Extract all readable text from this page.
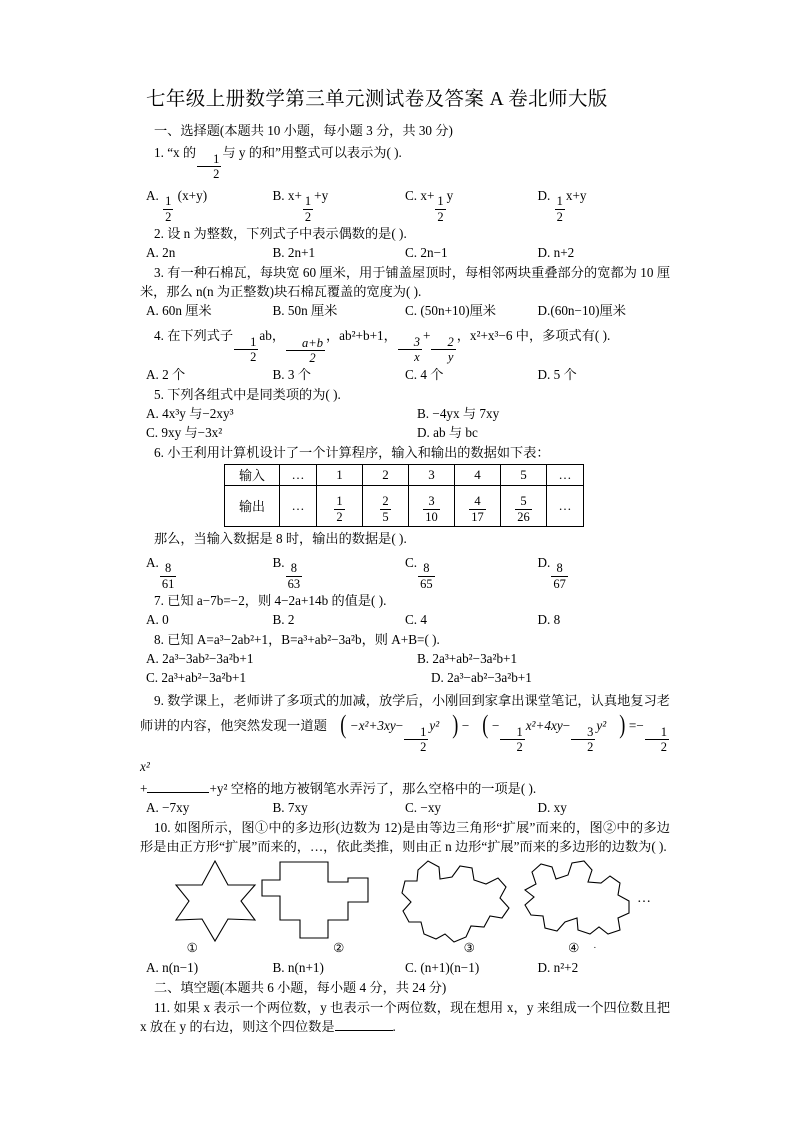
七年级上册数学第三单元测试卷及答案 A 卷北师大版

一、选择题(本题共 10 小题，每小题 3 分，共 30 分)

1. “x 的
$\frac{1}{2}$
与 y 的和”用整式可以表示为( ).

A.
$\frac{1}{2}$
(x+y)	B. x+
$\frac{1}{2}$
+y	C. x+
$\frac{1}{2}$
y	D.
$\frac{1}{2}$
x+y

2. 设 n 为整数，下列式子中表示偶数的是( ).

A. 2n	B. 2n+1	C. 2n−1	D. n+2

3. 有一种石棉瓦，每块宽 60 厘米，用于铺盖屋顶时，每相邻两块重叠部分的宽都为 10 厘米，那么 n(n 为正整数)块石棉瓦覆盖的宽度为( ).

A. 60n 厘米	B. 50n 厘米	C. (50n+10)厘米	D.(60n−10)厘米

4. 在下列式子
$\frac{1}{2}$
ab，
$\frac{a+b}{2}$
，ab²+b+1，
$\frac{3}{x}$
+
$\frac{2}{y}$
，x²+x³−6 中，多项式有( ).

A. 2 个	B. 3 个	C. 4 个	D. 5 个

5. 下列各组式中是同类项的为( ).

A. 4x³y 与−2xy³	B. −4yx 与 7xy
C. 9xy 与−3x²	D. ab 与 bc

6. 小王利用计算机设计了一个计算程序，输入和输出的数据如下表：

输入	…	1	2	3	4	5	…
输出	…	$\frac{1}{2}$	$\frac{2}{5}$	$\frac{3}{10}$	$\frac{4}{17}$	$\frac{5}{26}$	…

那么，当输入数据是 8 时，输出的数据是( ).

A.
$\frac{8}{61}$
B.
$\frac{8}{63}$
C.
$\frac{8}{65}$
D.
$\frac{8}{67}$

7. 已知 a−7b=−2，则 4−2a+14b 的值是( ).

A. 0	B. 2	C. 4	D. 8

8. 已知 A=a³−2ab²+1，B=a³+ab²−3a²b，则 A+B=( ).

A. 2a³−3ab²−3a²b+1	B. 2a³+ab²−3a²b+1
C. 2a³+ab²−3a²b+1	D. 2a³−ab²−3a²b+1

9. 数学课上，老师讲了多项式的加减，放学后，小刚回到家拿出课堂笔记，认真地复习老师讲的内容，他突然发现一道题 ( −x²+3xy−
$\frac{1}{2}$
y² ) − ( −
$\frac{1}{2}$
x²+4xy−
$\frac{3}{2}$
y² ) =−
$\frac{1}{2}$
x²

+	+y² 空格的地方被钢笔水弄污了，那么空格中的一项是( ).

A. −7xy	B. 7xy	C. −xy	D. xy

10. 如图所示，图①中的多边形(边数为 12)是由等边三角形“扩展”而来的，图②中的多边形是由正方形“扩展”而来的，…，依此类推，则由正 n 边形“扩展”而来的多边形的边数为( ).

…
①	②	③	④	.
A. n(n−1)	B. n(n+1)	C. (n+1)(n−1)	D. n²+2

二、填空题(本题共 6 小题，每小题 4 分，共 24 分)

11. 如果 x 表示一个两位数，y 也表示一个两位数，现在想用 x，y 来组成一个四位数且把 x 放在 y 的右边，则这个四位数是	.
